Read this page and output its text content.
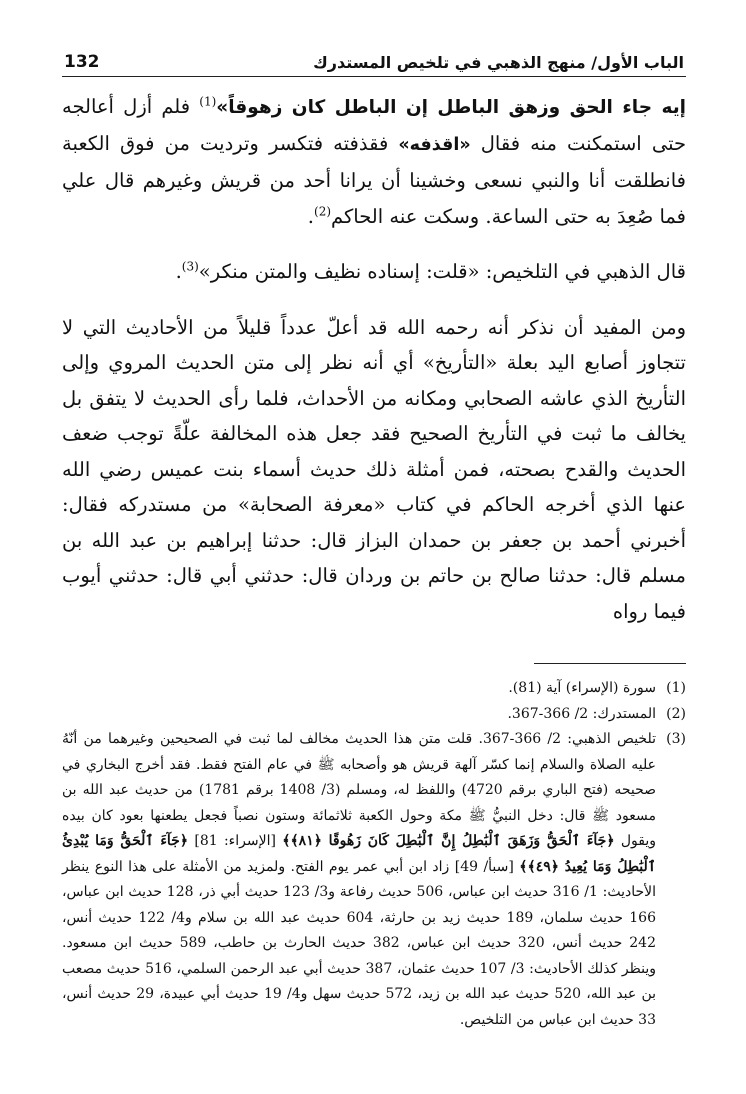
الباب الأول/ منهج الذهبي في تلخيص المستدرك
132

إيه جاء الحق وزهق الباطل إن الباطل كان زهوقاً»$^{(1)}$ فلم أزل أعالجه حتى استمكنت منه فقال «اقذفه» فقذفته فتكسر وترديت من فوق الكعبة فانطلقت أنا والنبي نسعى وخشينا أن يرانا أحد من قريش وغيرهم قال علي فما صُعِدَ به حتى الساعة. وسكت عنه الحاكم$^{(2)}$.

قال الذهبي في التلخيص: «قلت: إسناده نظيف والمتن منكر»$^{(3)}$.

ومن المفيد أن نذكر أنه رحمه الله قد أعلّ عدداً قليلاً من الأحاديث التي لا تتجاوز أصابع اليد بعلة «التأريخ» أي أنه نظر إلى متن الحديث المروي وإلى التأريخ الذي عاشه الصحابي ومكانه من الأحداث، فلما رأى الحديث لا يتفق بل يخالف ما ثبت في التأريخ الصحيح فقد جعل هذه المخالفة علّةً توجب ضعف الحديث والقدح بصحته، فمن أمثلة ذلك حديث أسماء بنت عميس رضي الله عنها الذي أخرجه الحاكم في كتاب «معرفة الصحابة» من مستدركه فقال: أخبرني أحمد بن جعفر بن حمدان البزاز قال: حدثنا إبراهيم بن عبد الله بن مسلم قال: حدثنا صالح بن حاتم بن وردان قال: حدثني أبي قال: حدثني أيوب فيما رواه

(1)
سورة (الإسراء) آية (81).
(2)
المستدرك: 2/ 366-367.
(3)
تلخيص الذهبي: 2/ 366-367. قلت متن هذا الحديث مخالف لما ثبت في الصحيحين وغيرهما من أنّهُ عليه الصلاة والسلام إنما كسّر آلهة قريش هو وأصحابه ﷺ في عام الفتح فقط. فقد أخرج البخاري في صحيحه (فتح الباري برقم 4720) واللفظ له، ومسلم (3/ 1408 برقم 1781) من حديث عبد الله بن مسعود ﷺ قال: دخل النبيُّ ﷺ مكة وحول الكعبة ثلاثمائة وستون نصباً فجعل يطعنها بعود كان بيده ويقول ﴿جَآءَ ٱلْحَقُّ وَزَهَقَ ٱلْبَٰطِلُ إِنَّ ٱلْبَٰطِلَ كَانَ زَهُوقًا ﴿٨١﴾﴾ [الإسراء: 81] ﴿جَآءَ ٱلْحَقُّ وَمَا يُبْدِئُ ٱلْبَٰطِلُ وَمَا يُعِيدُ ﴿٤٩﴾﴾ [سبأ/ 49] زاد ابن أبي عمر يوم الفتح. ولمزيد من الأمثلة على هذا النوع ينظر الأحاديث: 1/ 316 حديث ابن عباس، 506 حديث رفاعة و3/ 123 حديث أبي ذر، 128 حديث ابن عباس، 166 حديث سلمان، 189 حديث زيد بن حارثة، 604 حديث عبد الله بن سلام و4/ 122 حديث أنس، 242 حديث أنس، 320 حديث ابن عباس، 382 حديث الحارث بن حاطب، 589 حديث ابن مسعود. وينظر كذلك الأحاديث: 3/ 107 حديث عثمان، 387 حديث أبي عبد الرحمن السلمي، 516 حديث مصعب بن عبد الله، 520 حديث عبد الله بن زيد، 572 حديث سهل و4/ 19 حديث أبي عبيدة، 29 حديث أنس، 33 حديث ابن عباس من التلخيص.
